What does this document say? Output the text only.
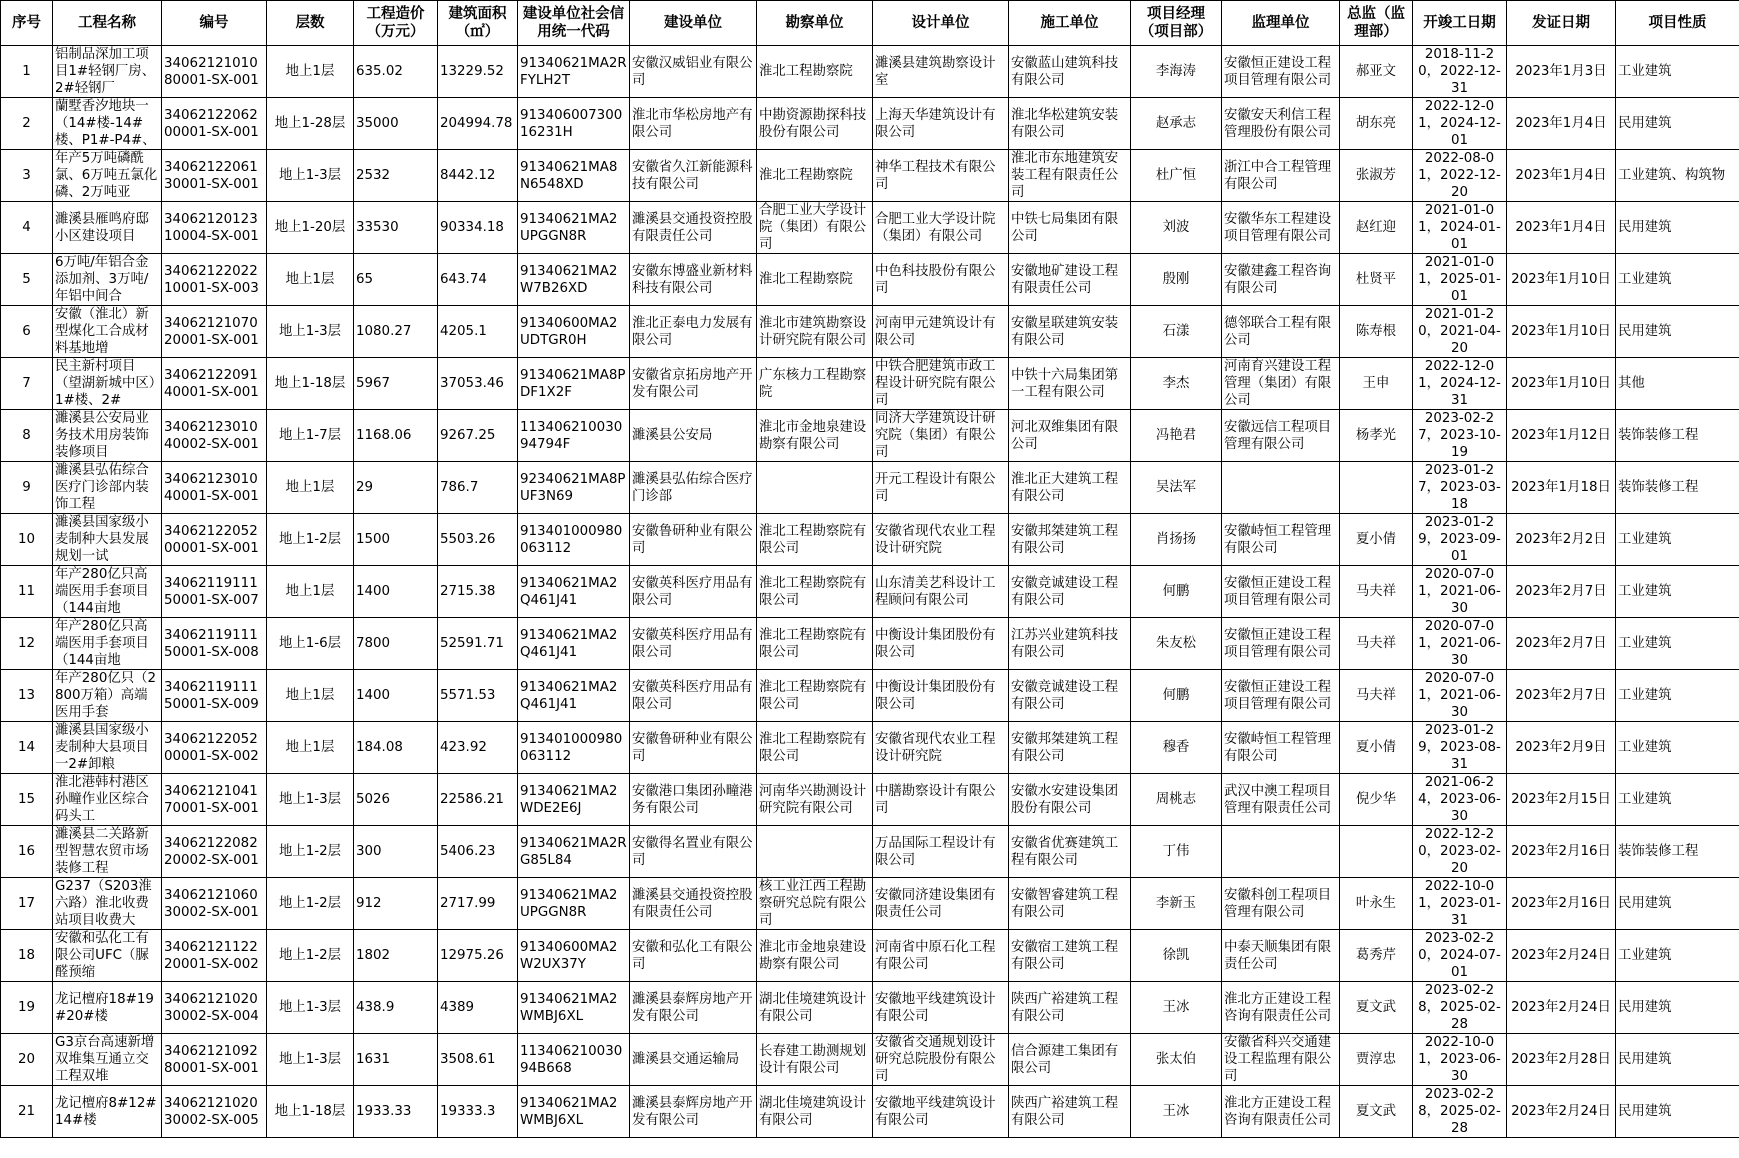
序号	工程名称	编号	层数	工程造价（万元）	建筑面积（㎡）	建设单位社会信用统一代码	建设单位	勘察单位	设计单位	施工单位	项目经理（项目部）	监理单位	总监（监理部）	开竣工日期	发证日期	项目性质

1	铝制品深加工项目1#轻钢厂房、2#轻钢厂	3406212101080001-SX-001	地上1层	635.02	13229.52	91340621MA2RFYLH2T	安徽汉威铝业有限公司	淮北工程勘察院	濉溪县建筑勘察设计室	安徽蓝山建筑科技有限公司	李海涛	安徽恒正建设工程项目管理有限公司	郝亚文	2018-11-20，2022-12-31	2023年1月3日	工业建筑

2	蘭墅香汐地块一（14#楼-14#楼、P1#-P4#、	3406212206200001-SX-001	地上1-28层	35000	204994.78	91340600730016231H	淮北市华松房地产有限公司	中勘资源勘探科技股份有限公司	上海天华建筑设计有限公司	淮北华松建筑安装有限公司	赵承志	安徽安天利信工程管理股份有限公司	胡东亮	2022-12-01，2024-12-01	2023年1月4日	民用建筑

3	年产5万吨磷酰氯、6万吨五氯化磷、2万吨亚	3406212206130001-SX-001	地上1-3层	2532	8442.12	91340621MA8N6548XD	安徽省久江新能源科技有限公司	淮北工程勘察院	神华工程技术有限公司	淮北市东地建筑安装工程有限责任公司	杜广恒	浙江中合工程管理有限公司	张淑芳	2022-08-01，2022-12-20	2023年1月4日	工业建筑、构筑物

4	濉溪县雁鸣府邸小区建设项目	3406212012310004-SX-001	地上1-20层	33530	90334.18	91340621MA2UPGGN8R	濉溪县交通投资控股有限责任公司	合肥工业大学设计院（集团）有限公司	合肥工业大学设计院（集团）有限公司	中铁七局集团有限公司	刘波	安徽华东工程建设项目管理有限公司	赵红迎	2021-01-01，2024-01-01	2023年1月4日	民用建筑

5	6万吨/年铝合金添加剂、3万吨/年铝中间合	3406212202210001-SX-003	地上1层	65	643.74	91340621MA2W7B26XD	安徽东博盛业新材料科技有限公司	淮北工程勘察院	中色科技股份有限公司	安徽地矿建设工程有限责任公司	殷刚	安徽建鑫工程咨询有限公司	杜贤平	2021-01-01，2025-01-01	2023年1月10日	工业建筑

6	安徽（淮北）新型煤化工合成材料基地增	3406212107020001-SX-001	地上1-3层	1080.27	4205.1	91340600MA2UDTGR0H	淮北正泰电力发展有限公司	淮北市建筑勘察设计研究院有限公司	河南甲元建筑设计有限公司	安徽星联建筑安装有限公司	石漾	德邻联合工程有限公司	陈寿根	2021-01-20，2021-04-20	2023年1月10日	民用建筑

7	民主新村项目（望湖新城中区）1#楼、2#	3406212209140001-SX-001	地上1-18层	5967	37053.46	91340621MA8PDF1X2F	安徽省京拓房地产开发有限公司	广东核力工程勘察院	中铁合肥建筑市政工程设计研究院有限公司	中铁十六局集团第一工程有限公司	李杰	河南育兴建设工程管理（集团）有限公司	王申	2022-12-01，2024-12-31	2023年1月10日	其他

8	濉溪县公安局业务技术用房装饰装修项目	3406212301040002-SX-001	地上1-7层	1168.06	9267.25	11340621003094794F	濉溪县公安局	淮北市金地泉建设勘察有限公司	同济大学建筑设计研究院（集团）有限公司	河北双维集团有限公司	冯艳君	安徽远信工程项目管理有限公司	杨孝光	2023-02-27，2023-10-19	2023年1月12日	装饰装修工程

9	濉溪县弘佑综合医疗门诊部内装饰工程	3406212301040001-SX-001	地上1层	29	786.7	92340621MA8PUF3N69	濉溪县弘佑综合医疗门诊部		开元工程设计有限公司	淮北正大建筑工程有限公司	吴法军			2023-01-27，2023-03-18	2023年1月18日	装饰装修工程

10	濉溪县国家级小麦制种大县发展规划一试	3406212205200001-SX-001	地上1-2层	1500	5503.26	913401000980063112	安徽鲁研种业有限公司	淮北工程勘察院有限公司	安徽省现代农业工程设计研究院	安徽邦桀建筑工程有限公司	肖扬扬	安徽峙恒工程管理有限公司	夏小倩	2023-01-29，2023-09-01	2023年2月2日	工业建筑

11	年产280亿只高端医用手套项目（144亩地	3406211911150001-SX-007	地上1层	1400	2715.38	91340621MA2Q461J41	安徽英科医疗用品有限公司	淮北工程勘察院有限公司	山东清美艺科设计工程顾问有限公司	安徽竞诚建设工程有限公司	何鹏	安徽恒正建设工程项目管理有限公司	马夫祥	2020-07-01，2021-06-30	2023年2月7日	工业建筑

12	年产280亿只高端医用手套项目（144亩地	3406211911150001-SX-008	地上1-6层	7800	52591.71	91340621MA2Q461J41	安徽英科医疗用品有限公司	淮北工程勘察院有限公司	中衡设计集团股份有限公司	江苏兴业建筑科技有限公司	朱友松	安徽恒正建设工程项目管理有限公司	马夫祥	2020-07-01，2021-06-30	2023年2月7日	工业建筑

13	年产280亿只（2800万箱）高端医用手套	3406211911150001-SX-009	地上1层	1400	5571.53	91340621MA2Q461J41	安徽英科医疗用品有限公司	淮北工程勘察院有限公司	中衡设计集团股份有限公司	安徽竞诚建设工程有限公司	何鹏	安徽恒正建设工程项目管理有限公司	马夫祥	2020-07-01，2021-06-30	2023年2月7日	工业建筑

14	濉溪县国家级小麦制种大县项目一2#卸粮	3406212205200001-SX-002	地上1层	184.08	423.92	913401000980063112	安徽鲁研种业有限公司	淮北工程勘察院有限公司	安徽省现代农业工程设计研究院	安徽邦桀建筑工程有限公司	穆香	安徽峙恒工程管理有限公司	夏小倩	2023-01-29，2023-08-31	2023年2月9日	工业建筑

15	淮北港韩村港区孙疃作业区综合码头工	3406212104170001-SX-001	地上1-3层	5026	22586.21	91340621MA2WDE2E6J	安徽港口集团孙疃港务有限公司	河南华兴勘测设计研究院有限公司	中膳勘察设计有限公司	安徽水安建设集团股份有限公司	周桃志	武汉中澳工程项目管理有限责任公司	倪少华	2021-06-24，2023-06-30	2023年2月15日	工业建筑

16	濉溪县二关路新型智慧农贸市场装修工程	3406212208220002-SX-001	地上1-2层	300	5406.23	91340621MA2RG85L84	安徽得名置业有限公司		万品国际工程设计有限公司	安徽省优赛建筑工程有限公司	丁伟			2022-12-20，2023-02-20	2023年2月16日	装饰装修工程

17	G237（S203淮六路）淮北收费站项目收费大	3406212106030002-SX-001	地上1-2层	912	2717.99	91340621MA2UPGGN8R	濉溪县交通投资控股有限责任公司	核工业江西工程勘察研究总院有限公司	安徽同济建设集团有限责任公司	安徽智睿建筑工程有限公司	李新玉	安徽科创工程项目管理有限公司	叶永生	2022-10-01，2023-01-31	2023年2月16日	民用建筑

18	安徽和弘化工有限公司UFC（脲醛预缩	3406212112220001-SX-002	地上1-2层	1802	12975.26	91340600MA2W2UX37Y	安徽和弘化工有限公司	淮北市金地泉建设勘察有限公司	河南省中原石化工程有限公司	安徽宿工建筑工程有限公司	徐凯	中泰天顺集团有限责任公司	葛秀芹	2023-02-20，2024-07-01	2023年2月24日	工业建筑

19	龙记檀府18#19#20#楼	3406212102030002-SX-004	地上1-3层	438.9	4389	91340621MA2WMBJ6XL	濉溪县泰辉房地产开发有限公司	湖北佳境建筑设计有限公司	安徽地平线建筑设计有限公司	陕西广裕建筑工程有限公司	王冰	淮北方正建设工程咨询有限责任公司	夏文武	2023-02-28，2025-02-28	2023年2月24日	民用建筑

20	G3京台高速新增双堆集互通立交工程双堆	3406212109280001-SX-001	地上1-3层	1631	3508.61	11340621003094B668	濉溪县交通运输局	长春建工勘测规划设计有限公司	安徽省交通规划设计研究总院股份有限公司	信合源建工集团有限公司	张太伯	安徽省科兴交通建设工程监理有限公司	贾淳忠	2022-10-01，2023-06-30	2023年2月28日	民用建筑

21	龙记檀府8#12#14#楼	3406212102030002-SX-005	地上1-18层	1933.33	19333.3	91340621MA2WMBJ6XL	濉溪县泰辉房地产开发有限公司	湖北佳境建筑设计有限公司	安徽地平线建筑设计有限公司	陕西广裕建筑工程有限公司	王冰	淮北方正建设工程咨询有限责任公司	夏文武	2023-02-28，2025-02-28	2023年2月24日	民用建筑
